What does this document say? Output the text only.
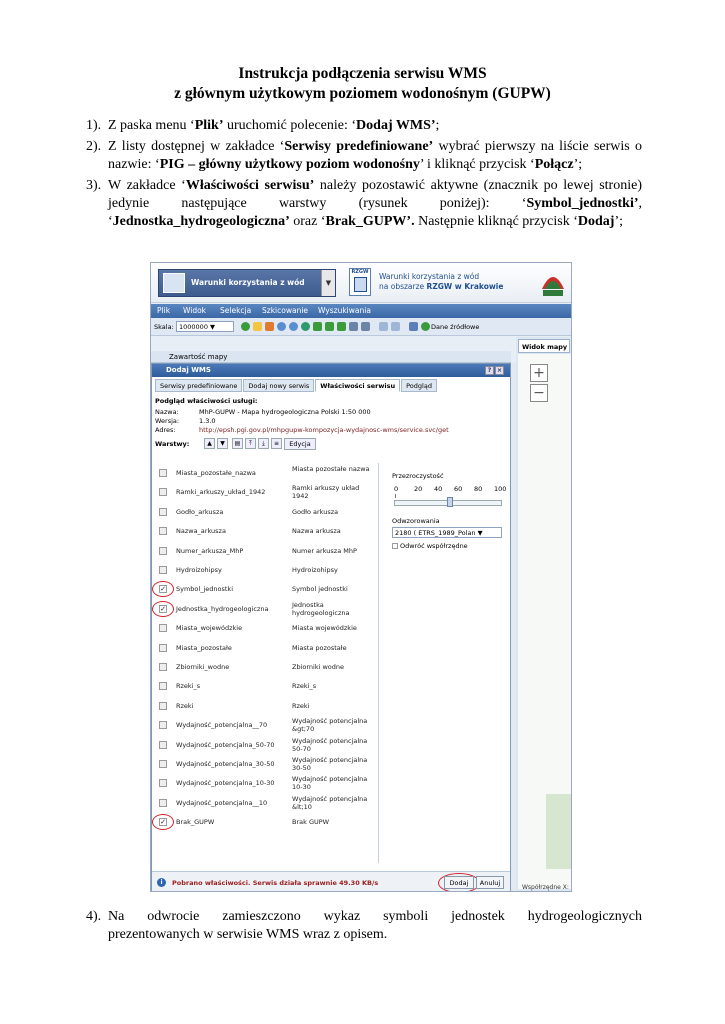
Instrukcja podłączenia serwisu WMS
z głównym użytkowym poziomem wodonośnym (GUPW)
1). Z paska menu ‘Plik’ uruchomić polecenie: ‘Dodaj WMS’;
2). Z listy dostępnej w zakładce ‘Serwisy predefiniowane’ wybrać pierwszy na liście serwis o nazwie: ‘PIG – główny użytkowy poziom wodonośny’ i kliknąć przycisk ‘Połącz’;
3). W zakładce ‘Właściwości serwisu’ należy pozostawić aktywne (znacznik po lewej stronie) jedynie następujące warstwy (rysunek poniżej): ‘Symbol_jednostki’, ‘Jednostka_hydrogeologiczna’ oraz ‘Brak_GUPW’. Następnie kliknąć przycisk ‘Dodaj’;
Warunki korzystania z wód	▼
RZGW	Warunki korzystania z wód
na obszarze RZGW w Krakowie
Plik Widok Selekcja Szkicowanie Wyszukiwania
Skala: 1000000 ▼	Dane źródłowe
Widok mapy
+
−
Współrzędne X:
Zawartość mapy
Dodaj WMS	? ×
Serwisy predefiniowane	Dodaj nowy serwis	Właściwości serwisu	Podgląd
Podgląd właściwości usługi:
Nazwa:	MhP-GUPW - Mapa hydrogeologiczna Polski 1:50 000
Wersja:	1.3.0
Adres:	http://epsh.pgi.gov.pl/mhpgupw-kompozycja-wydajnosc-wms/service.svc/get
Warstwy:	▲	▼	▤	⤒	⤓	≡	Edycja
Miasta_pozostałe_nazwa	Miasta pozostałe nazwa
Ramki_arkuszy_układ_1942	Ramki arkuszy układ 1942
Godło_arkusza	Godło arkusza
Nazwa_arkusza	Nazwa arkusza
Numer_arkusza_MhP	Numer arkusza MhP
Hydroizohipsy	Hydroizohipsy
✓ Symbol_jednostki	Symbol jednostki
✓ Jednostka_hydrogeologiczna	Jednostka hydrogeologiczna
Miasta_wojewódzkie	Miasta wojewódzkie
Miasta_pozostałe	Miasta pozostałe
Zbiorniki_wodne	Zbiorniki wodne
Rzeki_s	Rzeki_s
Rzeki	Rzeki
Wydajność_potencjalna__70	Wydajność potencjalna &gt;70
Wydajność_potencjalna_50-70	Wydajność potencjalna 50-70
Wydajność_potencjalna_30-50	Wydajność potencjalna 30-50
Wydajność_potencjalna_10-30	Wydajność potencjalna 10-30
Wydajność_potencjalna__10	Wydajność potencjalna &lt;10
✓ Brak_GUPW	Brak GUPW
Przezroczystość
0 20 40 60 80 100
Odwzorowania
2180 ( ETRS_1989_Polan ▼
Odwróć współrzędne
i	Pobrano właściwości. Serwis działa sprawnie 49.30 KB/s	Dodaj	Anuluj
4). Na odwrocie zamieszczono wykaz symboli jednostek hydrogeologicznych
prezentowanych w serwisie WMS wraz z opisem.
